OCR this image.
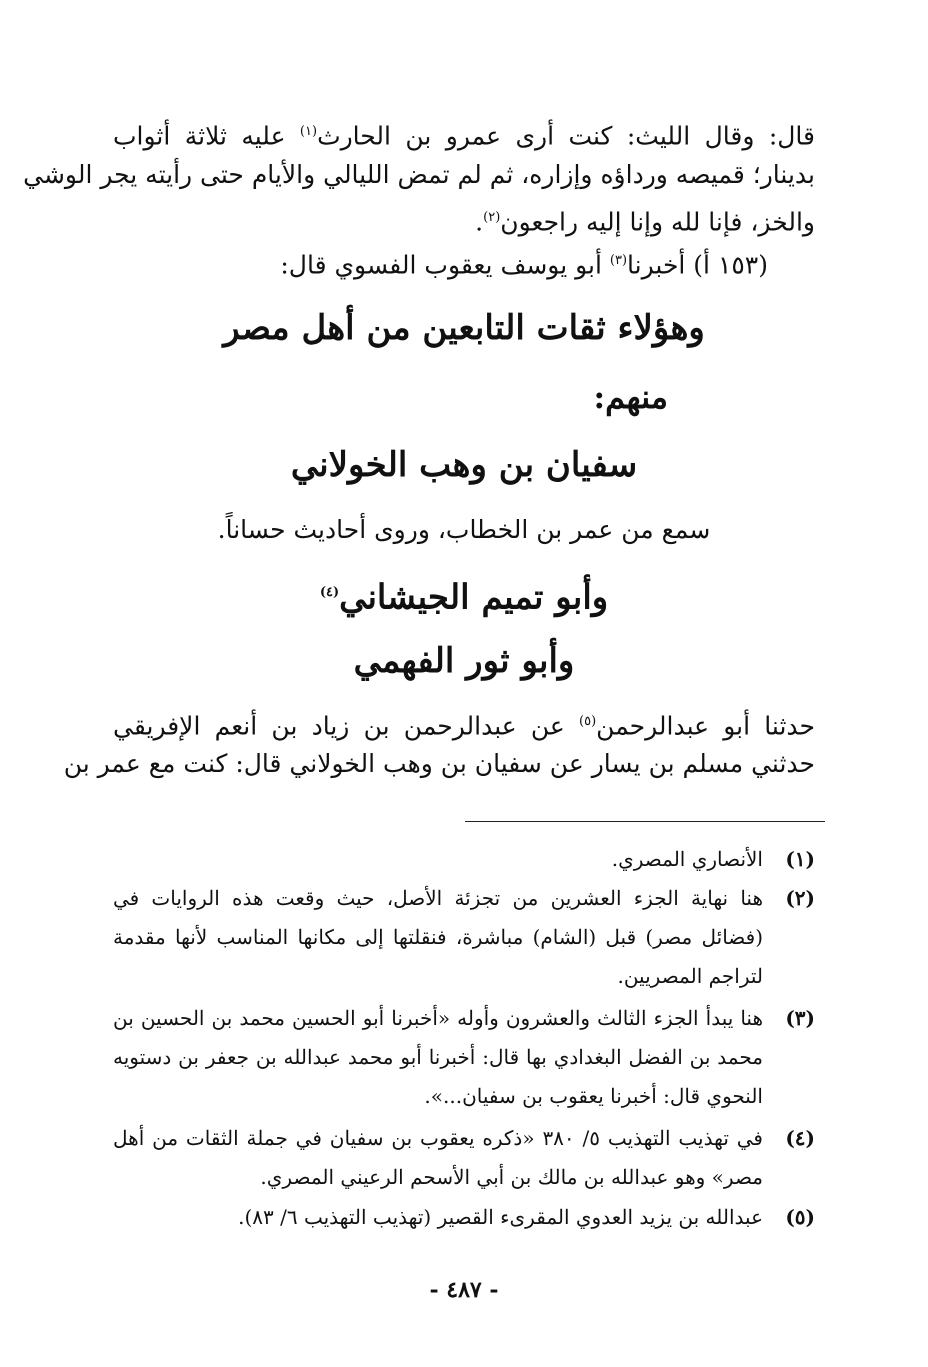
قال: وقال الليث: كنت أرى عمرو بن الحارث$^{(١)}$ عليه ثلاثة أثواب
بدينار؛ قميصه ورداؤه وإزاره، ثم لم تمض الليالي والأيام حتى رأيته يجر الوشي
والخز، فإنا لله وإنا إليه راجعون$^{(٢)}$.
(١٥٣ أ) أخبرنا$^{(٣)}$ أبو يوسف يعقوب الفسوي قال:
وهؤلاء ثقات التابعين من أهل مصر
منهم:
سفيان بن وهب الخولاني
سمع من عمر بن الخطاب، وروى أحاديث حساناً.
وأبو تميم الجيشاني$^{(٤)}$
وأبو ثور الفهمي
حدثنا أبو عبدالرحمن$^{(٥)}$ عن عبدالرحمن بن زياد بن أنعم الإفريقي
حدثني مسلم بن يسار عن سفيان بن وهب الخولاني قال: كنت مع عمر بن
(١)
الأنصاري المصري.
(٢)
هنا نهاية الجزء العشرين من تجزئة الأصل، حيث وقعت هذه الروايات في
(فضائل مصر) قبل (الشام) مباشرة، فنقلتها إلى مكانها المناسب لأنها مقدمة
لتراجم المصريين.
(٣)
هنا يبدأ الجزء الثالث والعشرون وأوله «أخبرنا أبو الحسين محمد بن الحسين بن
محمد بن الفضل البغدادي بها قال: أخبرنا أبو محمد عبدالله بن جعفر بن دستويه
النحوي قال: أخبرنا يعقوب بن سفيان...».
(٤)
في تهذيب التهذيب ٥/ ٣٨٠ «ذكره يعقوب بن سفيان في جملة الثقات من أهل
مصر» وهو عبدالله بن مالك بن أبي الأسحم الرعيني المصري.
(٥)
عبدالله بن يزيد العدوي المقرىء القصير (تهذيب التهذيب ٦/ ٨٣).
- ٤٨٧ -
